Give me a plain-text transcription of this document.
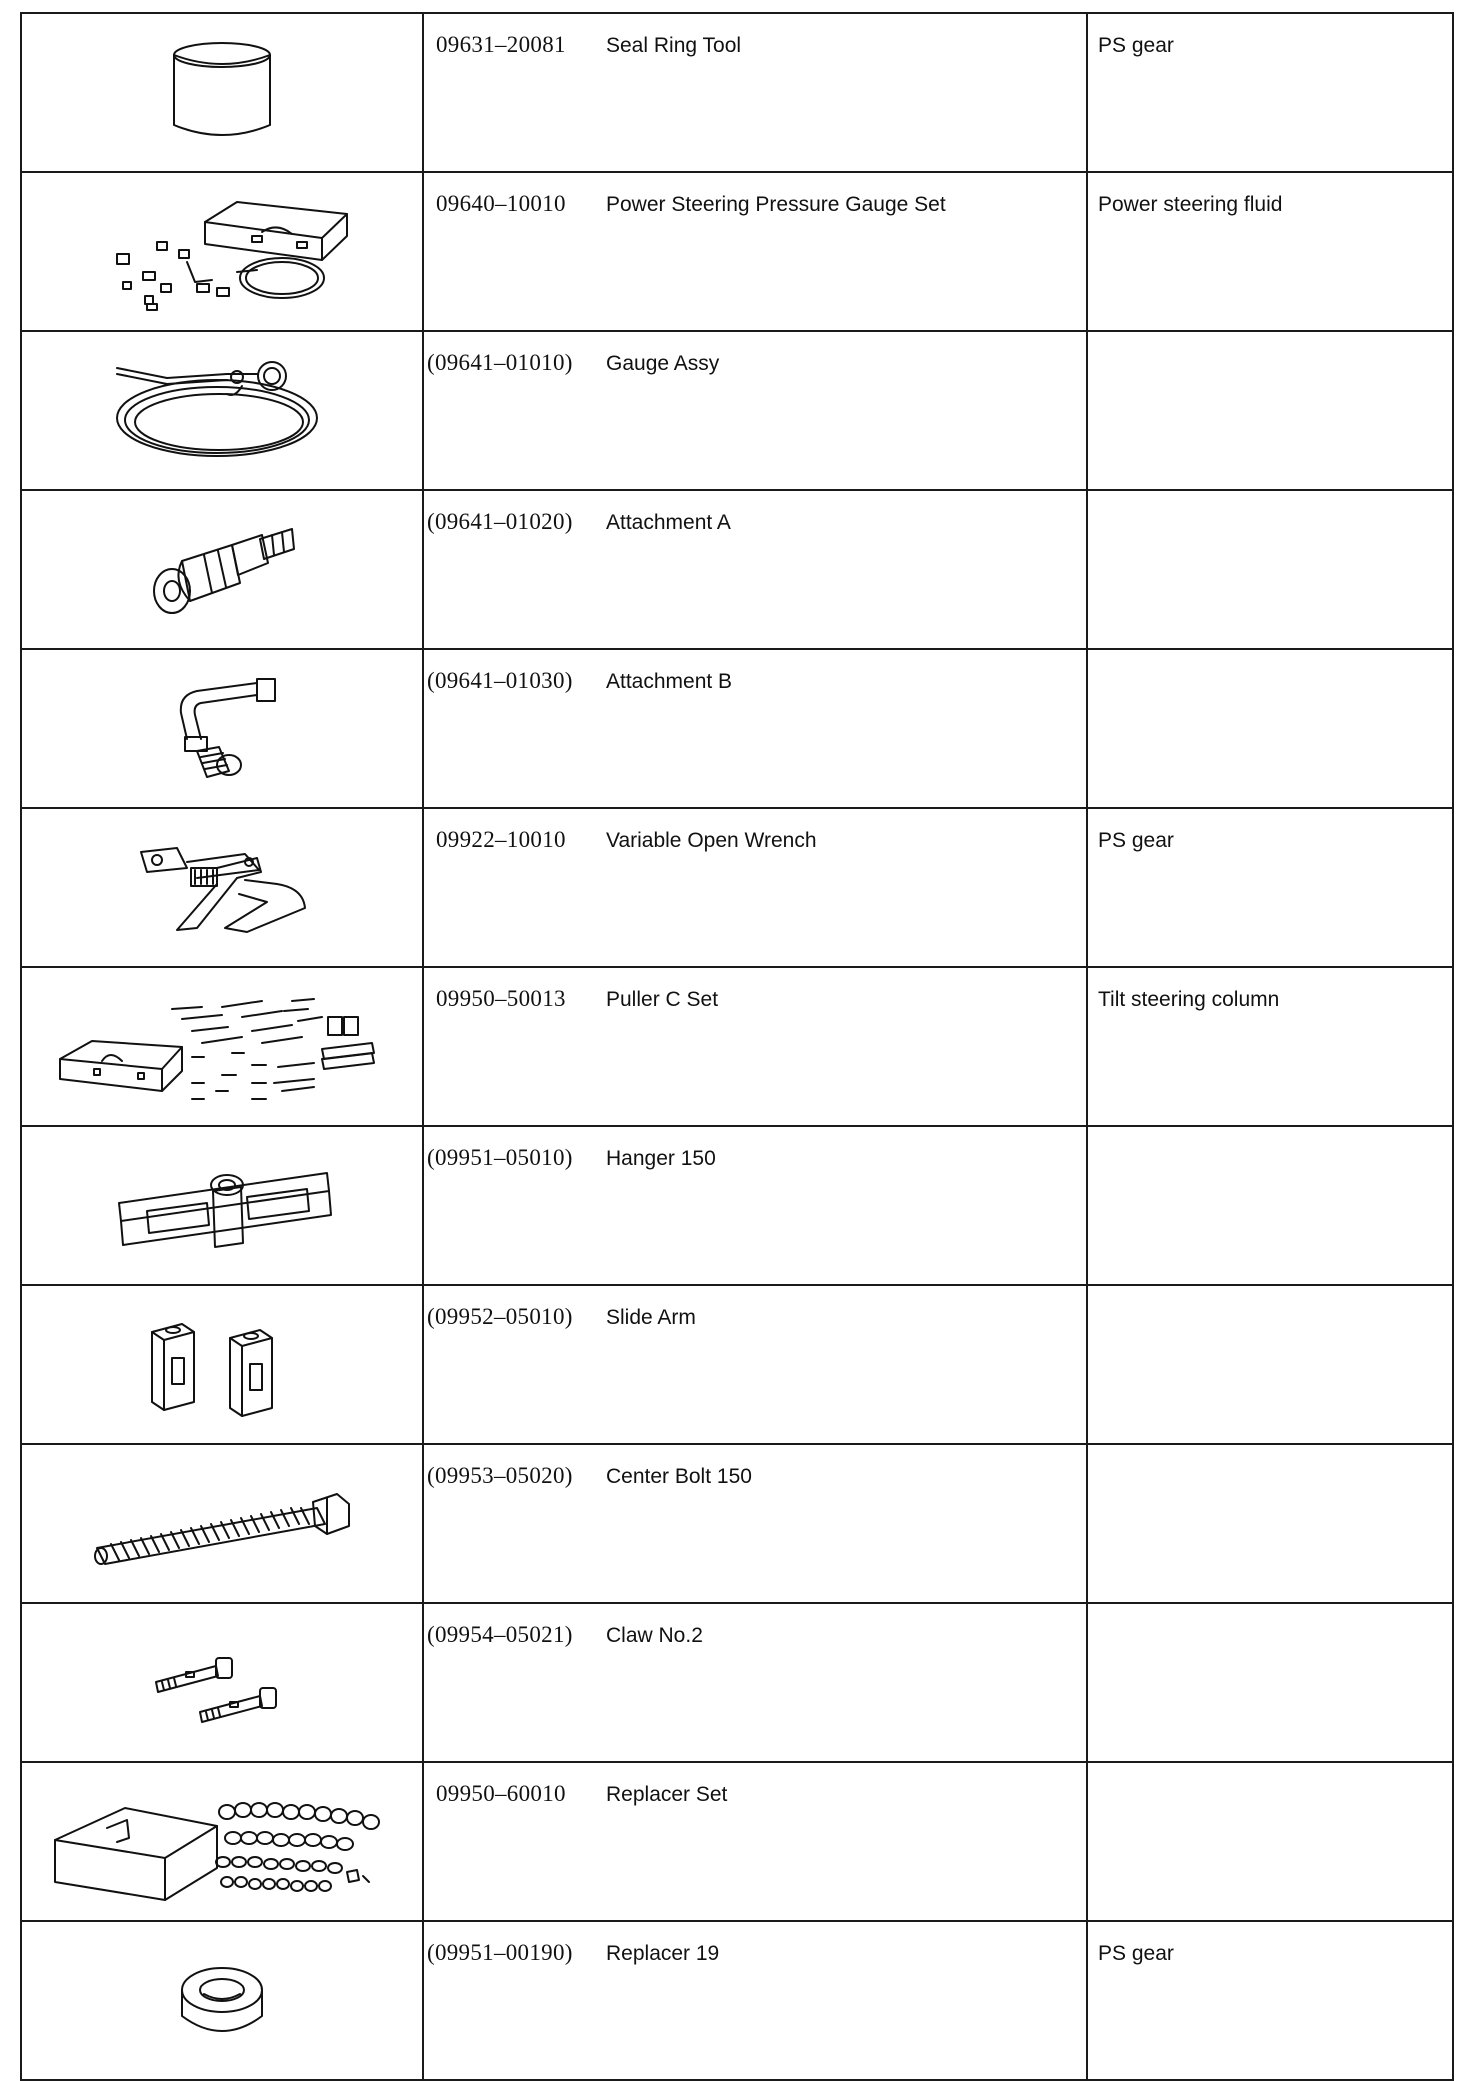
	09631–20081	Seal Ring Tool	PS gear

	09640–10010	Power Steering Pressure Gauge Set	Power steering fluid

	(09641–01010)	Gauge Assy	

	(09641–01020)	Attachment A	

	(09641–01030)	Attachment B	

	09922–10010	Variable Open Wrench	PS gear

	09950–50013	Puller C Set	Tilt steering column

	(09951–05010)	Hanger 150	

	(09952–05010)	Slide Arm	

	(09953–05020)	Center Bolt 150	

	(09954–05021)	Claw No.2	

	09950–60010	Replacer Set	

	(09951–00190)	Replacer 19	PS gear
